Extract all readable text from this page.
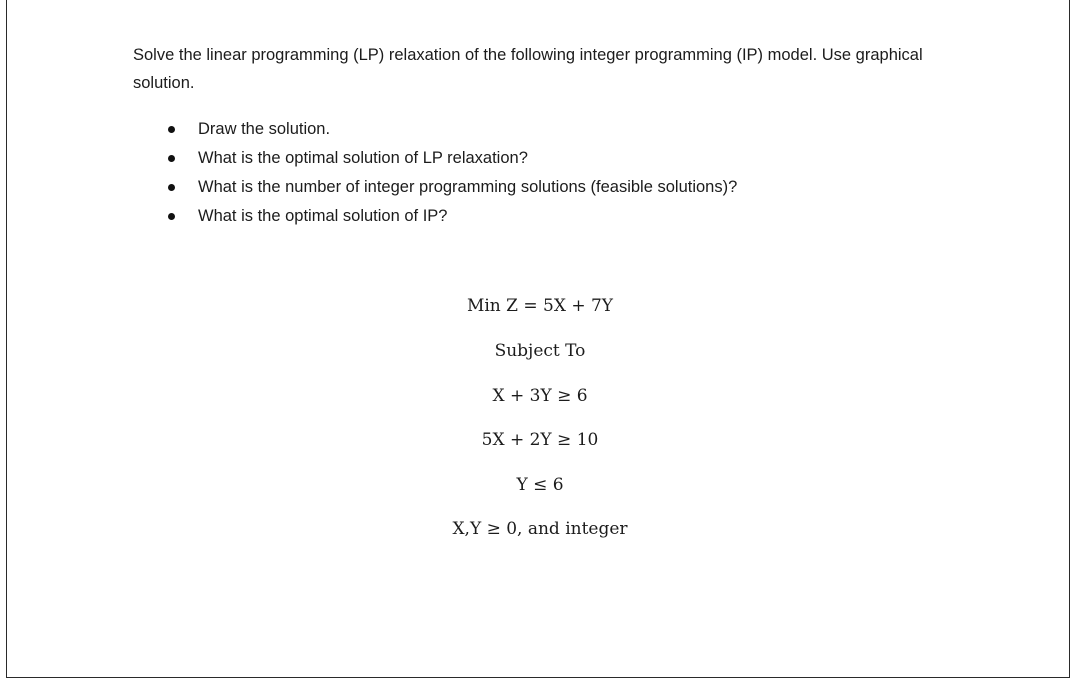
Solve the linear programming (LP) relaxation of the following integer programming (IP) model. Use graphical solution.

Draw the solution.
What is the optimal solution of LP relaxation?
What is the number of integer programming solutions (feasible solutions)?
What is the optimal solution of IP?
Min Z = 5X + 7Y
Subject To
X + 3Y ≥ 6
5X + 2Y ≥ 10
Y ≤ 6
X,Y ≥ 0, and integer
